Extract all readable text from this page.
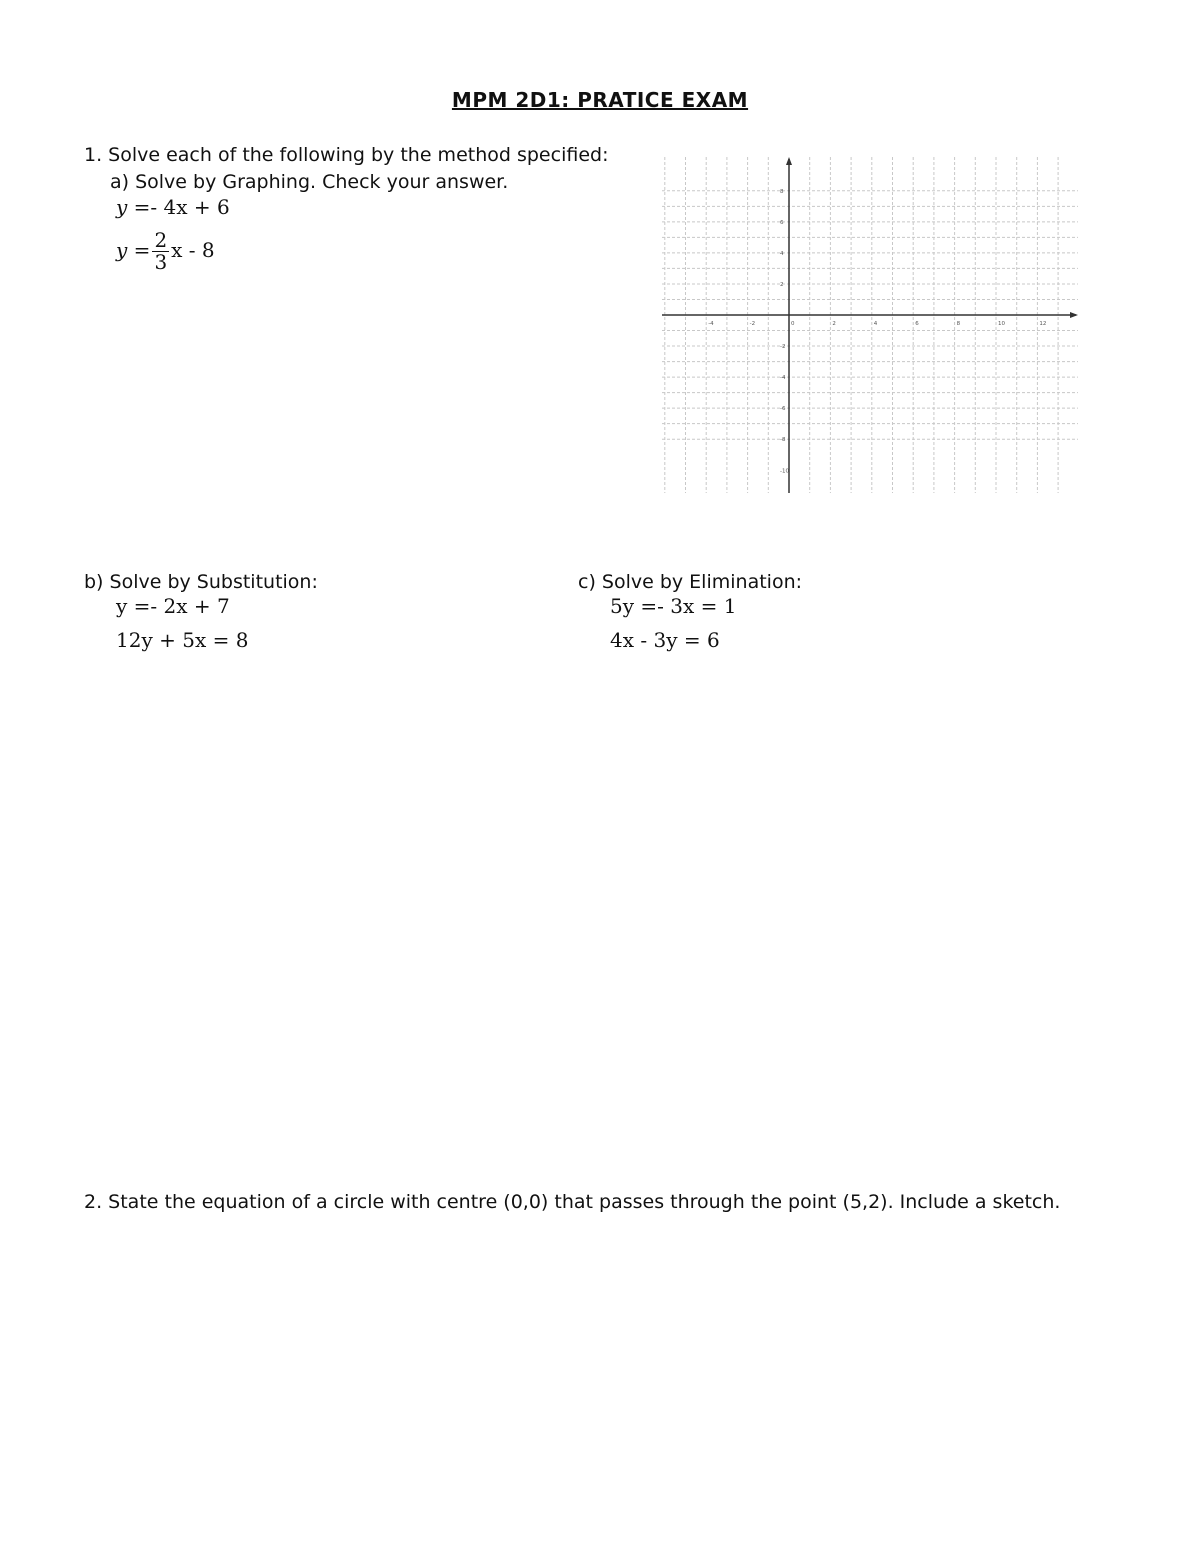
MPM 2D1: PRATICE EXAM
1. Solve each of the following by the method specified:
a) Solve by Graphing. Check your answer.
y =- 4x + 6
$y = \frac{2}{3}$ x - 8
-4	-2	0	2	4	6	8	10	12
8
6
4
2
-2
-4
-6
-8
-10
b) Solve by Substitution:
y =- 2x + 7
12y + 5x = 8
c) Solve by Elimination:
5y =- 3x = 1
4x - 3y = 6
2. State the equation of a circle with centre (0,0) that passes through the point (5,2). Include a sketch.
